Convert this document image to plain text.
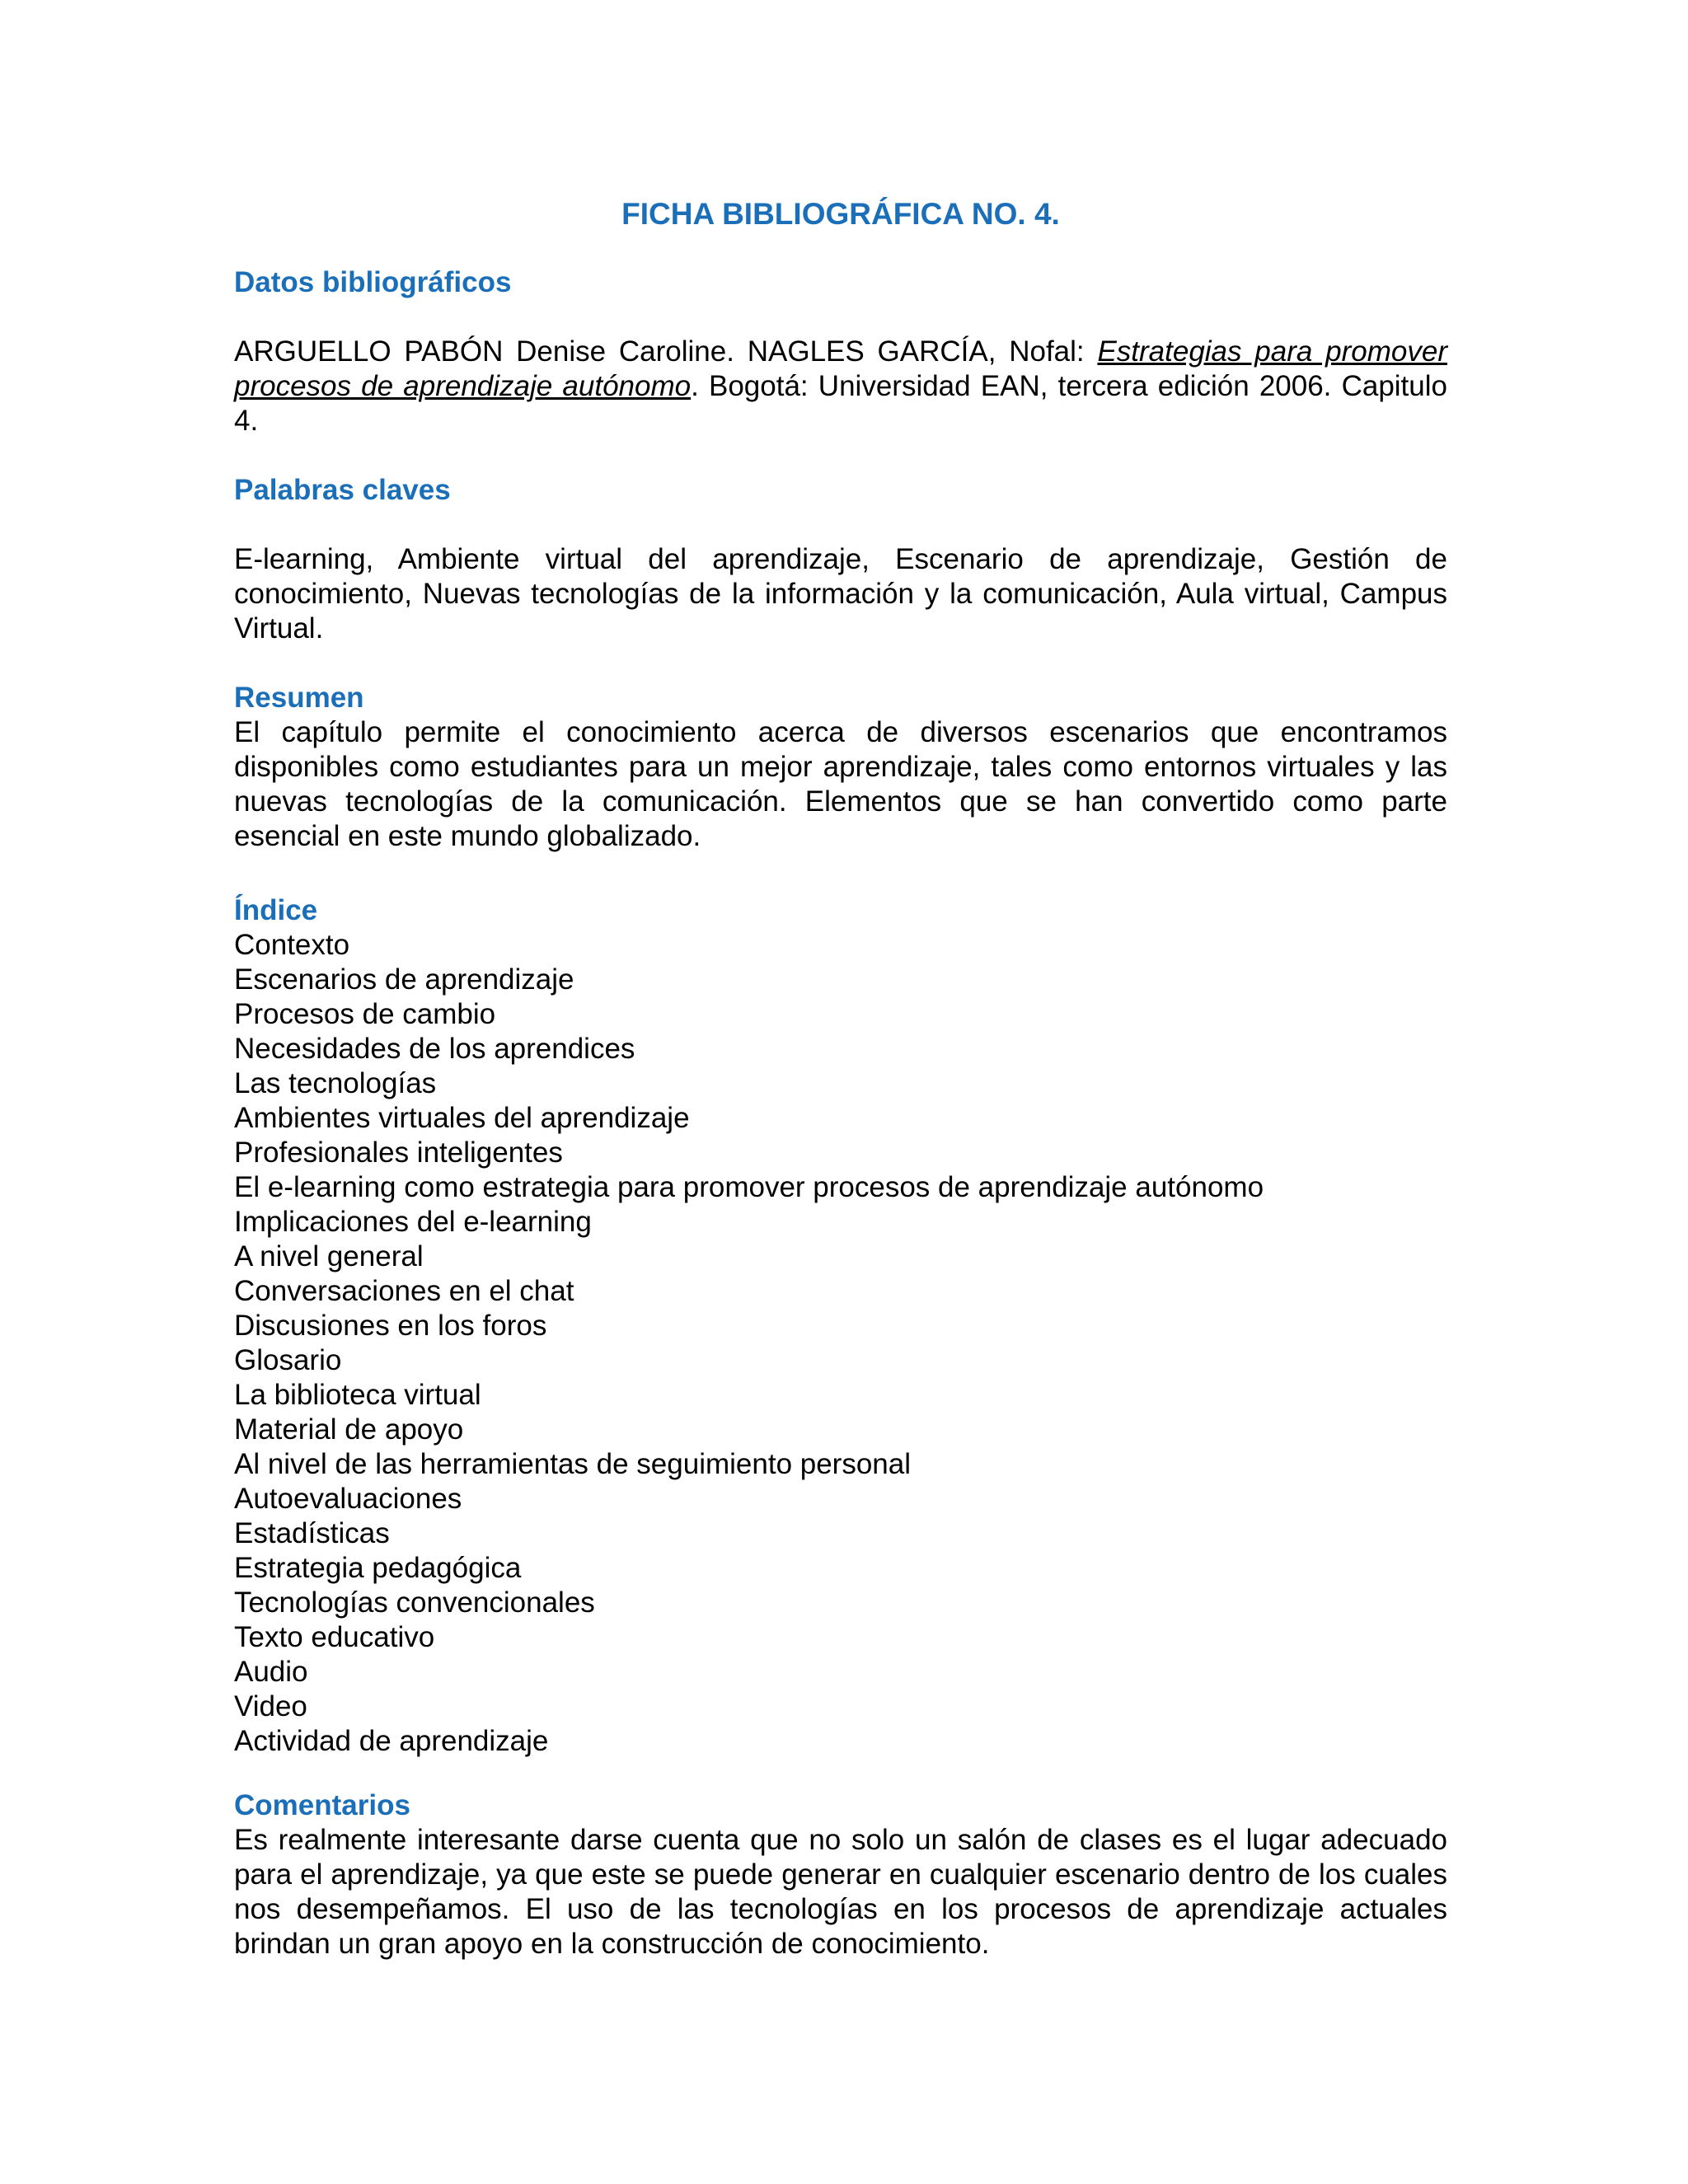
FICHA BIBLIOGRÁFICA NO. 4.
Datos bibliográficos
ARGUELLO PABÓN Denise Caroline. NAGLES GARCÍA, Nofal: Estrategias para promover procesos de aprendizaje autónomo. Bogotá: Universidad EAN, tercera edición 2006. Capitulo 4.
Palabras claves
E-learning, Ambiente virtual del aprendizaje, Escenario de aprendizaje, Gestión de conocimiento, Nuevas tecnologías de la información y la comunicación, Aula virtual, Campus Virtual.
Resumen
El capítulo permite el conocimiento acerca de diversos escenarios que encontramos disponibles como estudiantes para un mejor aprendizaje, tales como entornos virtuales y las nuevas tecnologías de la comunicación. Elementos que se han convertido como parte esencial en este mundo globalizado.
Índice
Contexto
Escenarios de aprendizaje
Procesos de cambio
Necesidades de los aprendices
Las tecnologías
Ambientes virtuales del aprendizaje
Profesionales inteligentes
El e-learning como estrategia para promover procesos de aprendizaje autónomo
Implicaciones del e-learning
A nivel general
Conversaciones en el chat
Discusiones en los foros
Glosario
La biblioteca virtual
Material de apoyo
Al nivel de las herramientas de seguimiento personal
Autoevaluaciones
Estadísticas
Estrategia pedagógica
Tecnologías convencionales
Texto educativo
Audio
Video
Actividad de aprendizaje
Comentarios
Es realmente interesante darse cuenta que no solo un salón de clases es el lugar adecuado para el aprendizaje, ya que este se puede generar en cualquier escenario dentro de los cuales nos desempeñamos. El uso de las tecnologías en los procesos de aprendizaje actuales brindan un gran apoyo en la construcción de conocimiento.
